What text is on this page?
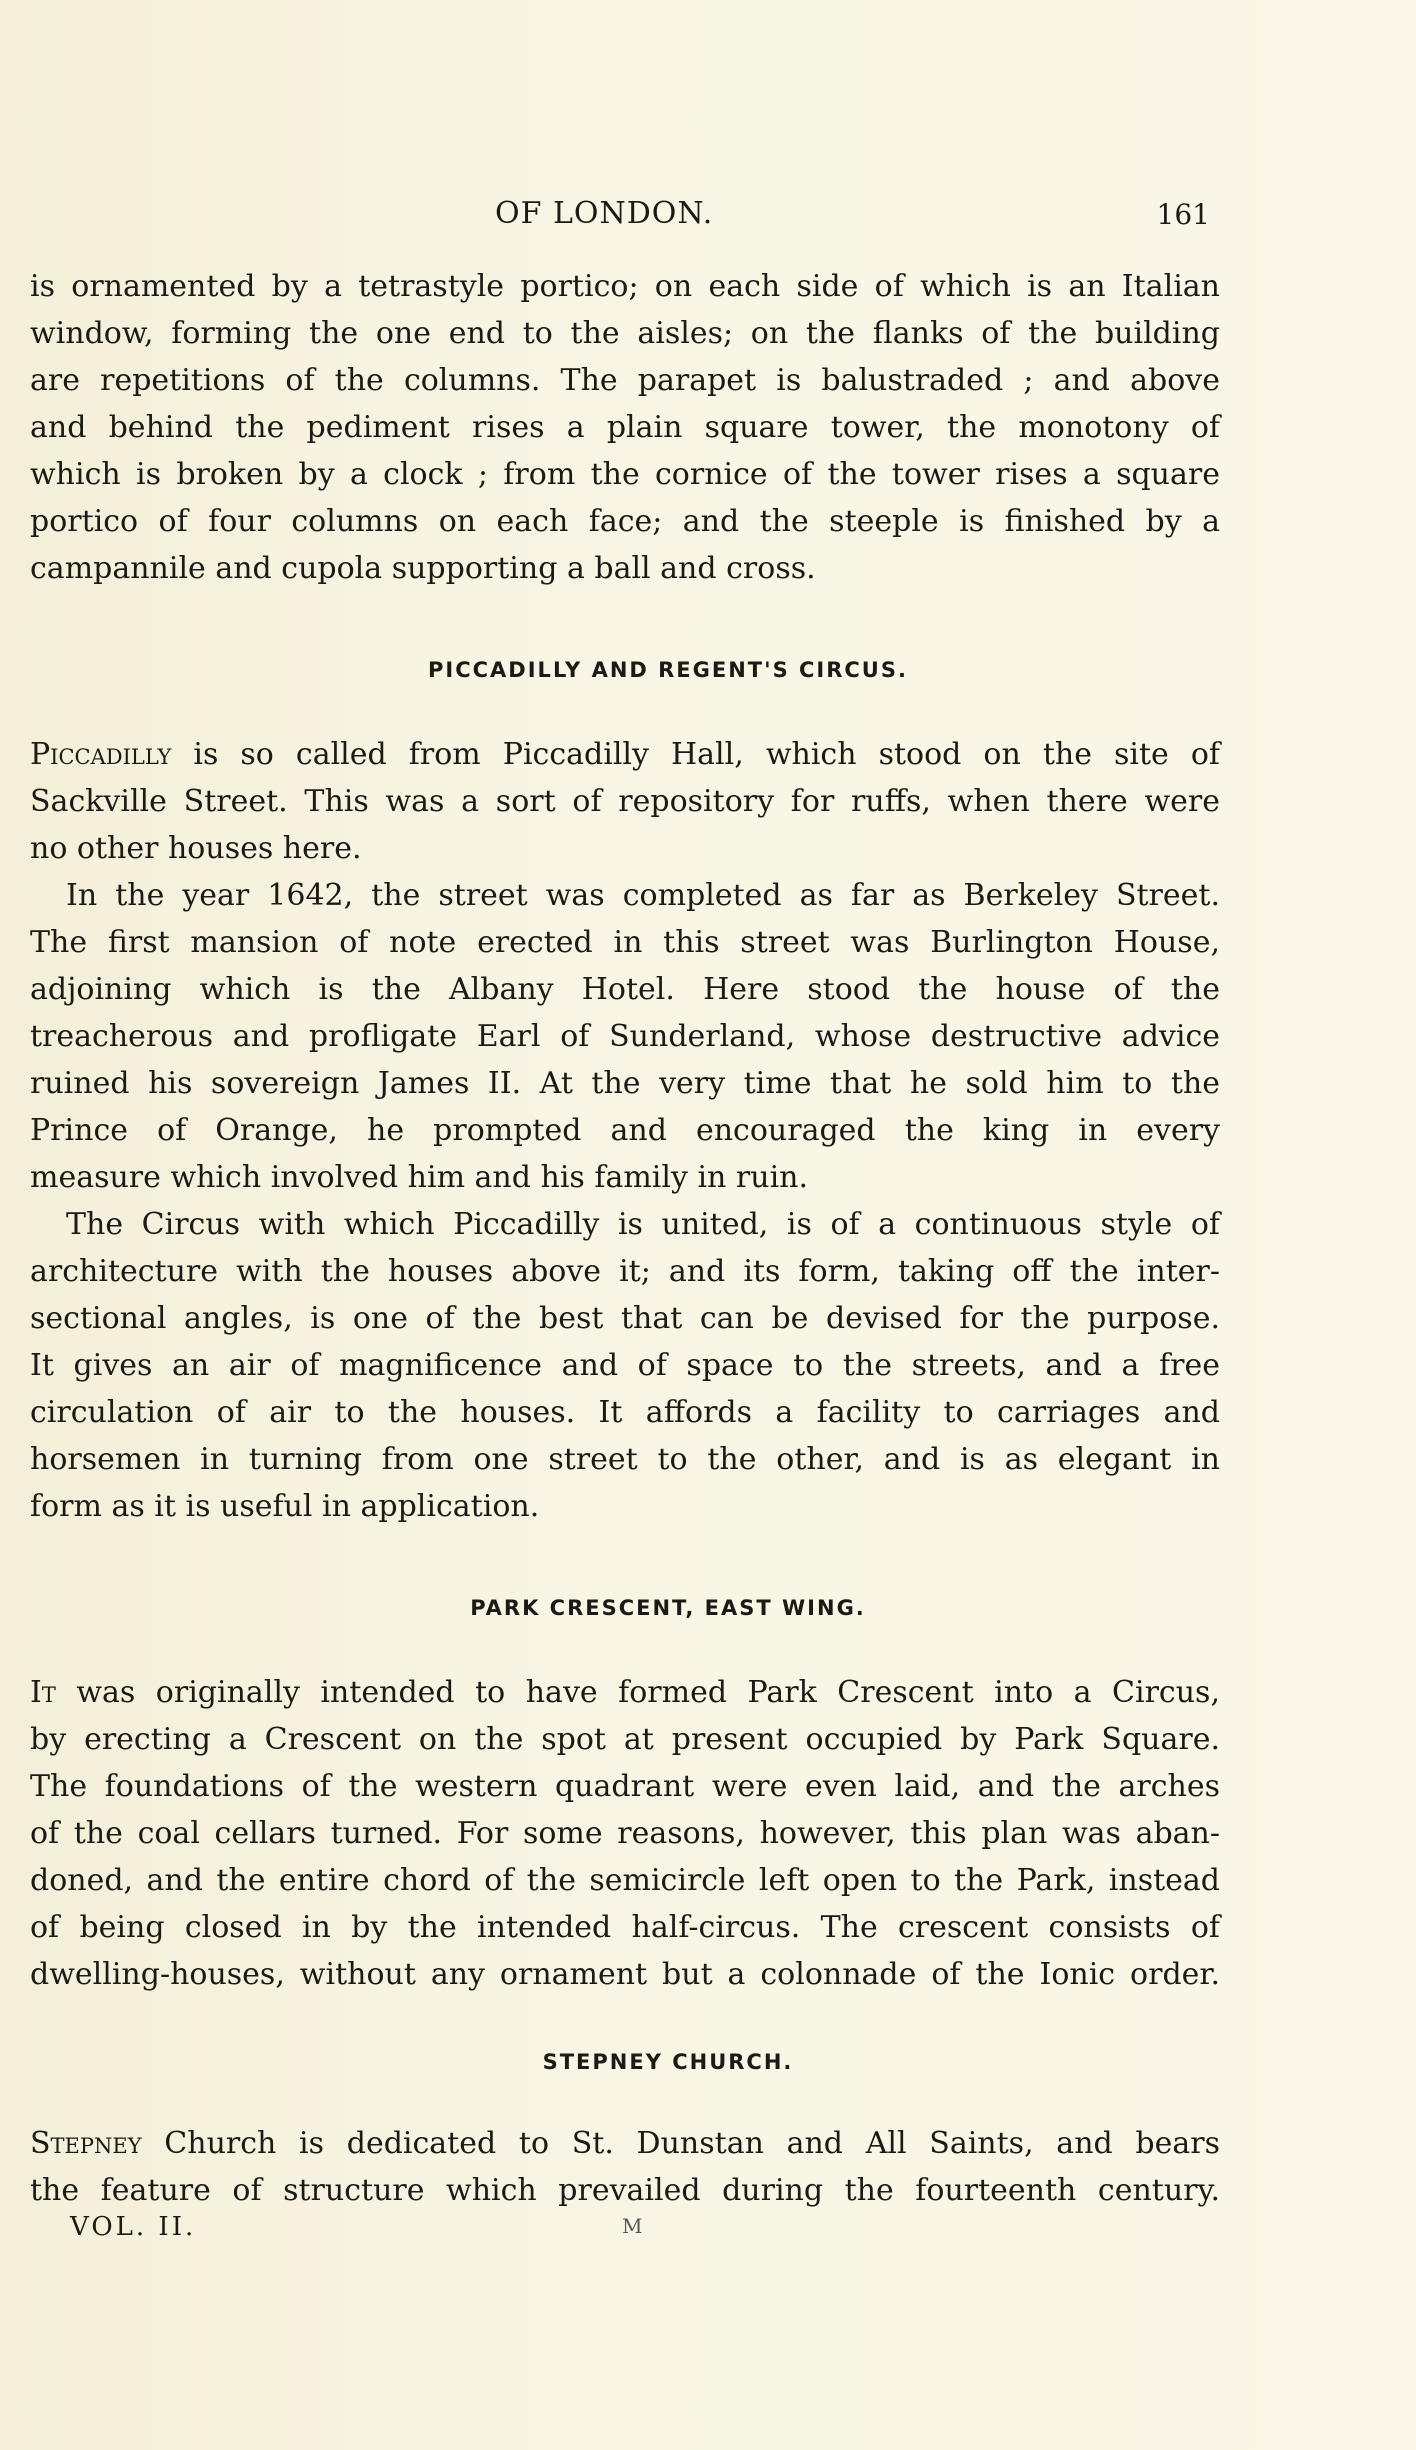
OF LONDON.	161
is ornamented by a tetrastyle portico; on each side of which is an Italian
window, forming the one end to the aisles; on the flanks of the building
are repetitions of the columns. The parapet is balustraded ; and above
and behind the pediment rises a plain square tower, the monotony of
which is broken by a clock ; from the cornice of the tower rises a square
portico of four columns on each face; and the steeple is finished by a
campannile and cupola supporting a ball and cross.
PICCADILLY AND REGENT'S CIRCUS.
Piccadilly is so called from Piccadilly Hall, which stood on the site of
Sackville Street. This was a sort of repository for ruffs, when there were
no other houses here.
In the year 1642, the street was completed as far as Berkeley Street.
The first mansion of note erected in this street was Burlington House,
adjoining which is the Albany Hotel. Here stood the house of the
treacherous and profligate Earl of Sunderland, whose destructive advice
ruined his sovereign James II. At the very time that he sold him to the
Prince of Orange, he prompted and encouraged the king in every
measure which involved him and his family in ruin.
The Circus with which Piccadilly is united, is of a continuous style of
architecture with the houses above it; and its form, taking off the inter-
sectional angles, is one of the best that can be devised for the purpose.
It gives an air of magnificence and of space to the streets, and a free
circulation of air to the houses. It affords a facility to carriages and
horsemen in turning from one street to the other, and is as elegant in
form as it is useful in application.
PARK CRESCENT, EAST WING.
It was originally intended to have formed Park Crescent into a Circus,
by erecting a Crescent on the spot at present occupied by Park Square.
The foundations of the western quadrant were even laid, and the arches
of the coal cellars turned. For some reasons, however, this plan was aban-
doned, and the entire chord of the semicircle left open to the Park, instead
of being closed in by the intended half-circus. The crescent consists of
dwelling-houses, without any ornament but a colonnade of the Ionic order.
STEPNEY CHURCH.
Stepney Church is dedicated to St. Dunstan and All Saints, and bears
the feature of structure which prevailed during the fourteenth century.
VOL. II.	M
